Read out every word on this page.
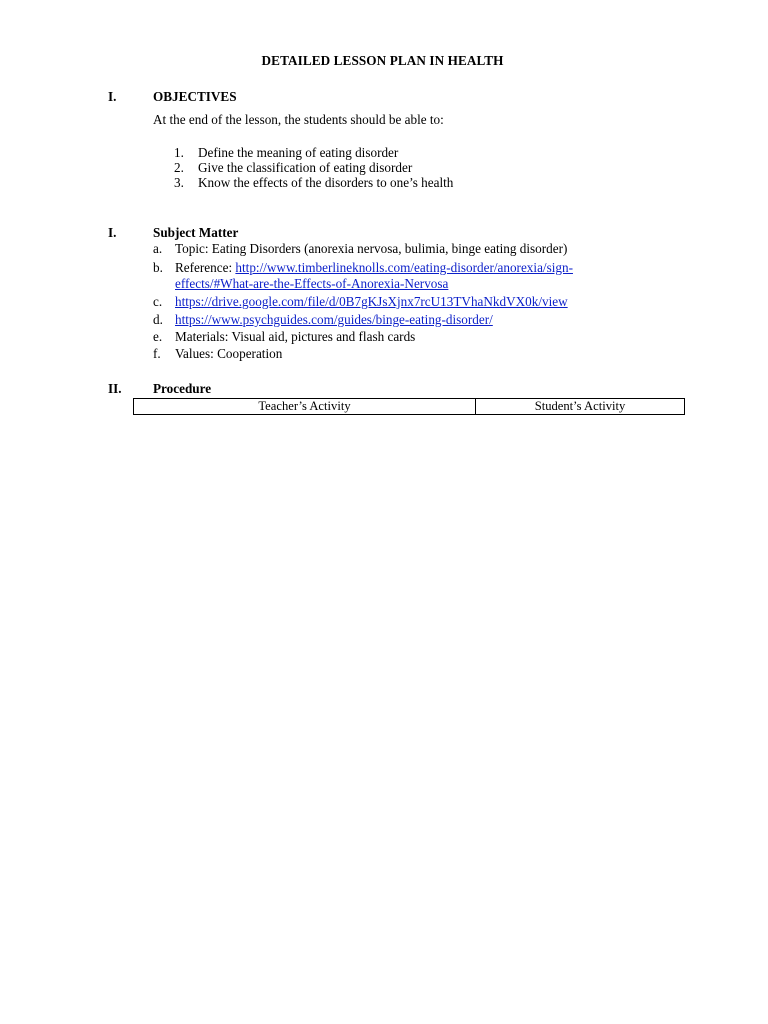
DETAILED LESSON PLAN IN HEALTH
I.	OBJECTIVES
At the end of the lesson, the students should be able to:
1. Define the meaning of eating disorder
2. Give the classification of eating disorder
3. Know the effects of the disorders to one’s health
I.	Subject Matter
a. Topic: Eating Disorders (anorexia nervosa, bulimia, binge eating disorder)
b. Reference: http://www.timberlineknolls.com/eating-disorder/anorexia/sign-
effects/#What-are-the-Effects-of-Anorexia-Nervosa
c. https://drive.google.com/file/d/0B7gKJsXjnx7rcU13TVhaNkdVX0k/view
d. https://www.psychguides.com/guides/binge-eating-disorder/
e. Materials: Visual aid, pictures and flash cards
f. Values: Cooperation
II. Procedure
Teacher’s Activity	Student’s Activity
